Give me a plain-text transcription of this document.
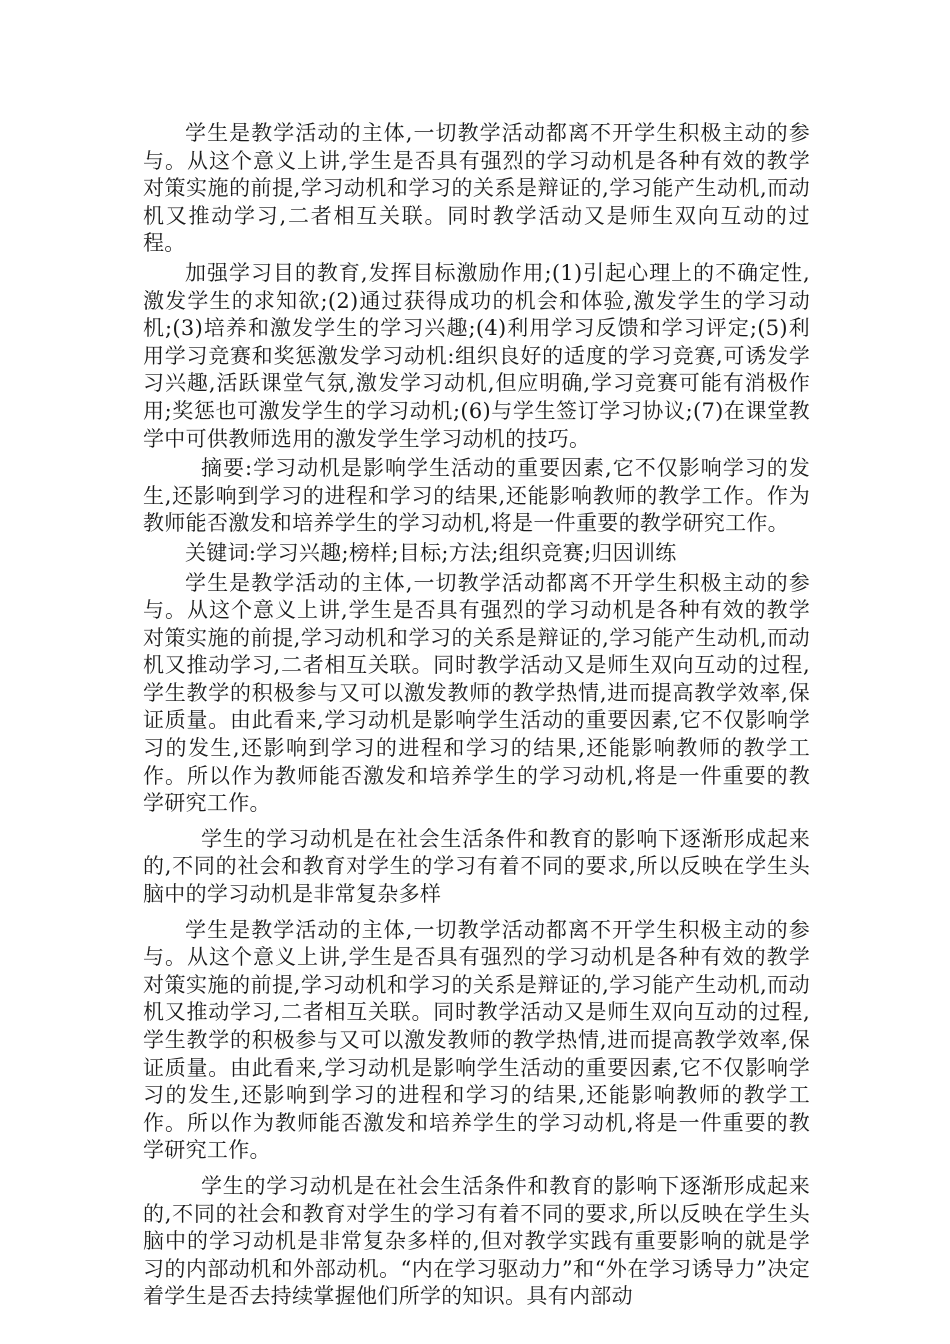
学生是教学活动的主体,一切教学活动都离不开学生积极主动的参与。从这个意义上讲,学生是否具有强烈的学习动机是各种有效的教学对策实施的前提,学习动机和学习的关系是辩证的,学习能产生动机,而动机又推动学习,二者相互关联。同时教学活动又是师生双向互动的过程。

加强学习目的教育,发挥目标激励作用;(1)引起心理上的不确定性,激发学生的求知欲;(2)通过获得成功的机会和体验,激发学生的学习动机;(3)培养和激发学生的学习兴趣;(4)利用学习反馈和学习评定;(5)利用学习竞赛和奖惩激发学习动机:组织良好的适度的学习竞赛,可诱发学习兴趣,活跃课堂气氛,激发学习动机,但应明确,学习竞赛可能有消极作用;奖惩也可激发学生的学习动机;(6)与学生签订学习协议;(7)在课堂教学中可供教师选用的激发学生学习动机的技巧。

摘要:学习动机是影响学生活动的重要因素,它不仅影响学习的发生,还影响到学习的进程和学习的结果,还能影响教师的教学工作。作为教师能否激发和培养学生的学习动机,将是一件重要的教学研究工作。

关键词:学习兴趣;榜样;目标;方法;组织竞赛;归因训练

学生是教学活动的主体,一切教学活动都离不开学生积极主动的参与。从这个意义上讲,学生是否具有强烈的学习动机是各种有效的教学对策实施的前提,学习动机和学习的关系是辩证的,学习能产生动机,而动机又推动学习,二者相互关联。同时教学活动又是师生双向互动的过程,学生教学的积极参与又可以激发教师的教学热情,进而提高教学效率,保证质量。由此看来,学习动机是影响学生活动的重要因素,它不仅影响学习的发生,还影响到学习的进程和学习的结果,还能影响教师的教学工作。所以作为教师能否激发和培养学生的学习动机,将是一件重要的教学研究工作。

学生的学习动机是在社会生活条件和教育的影响下逐渐形成起来的,不同的社会和教育对学生的学习有着不同的要求,所以反映在学生头脑中的学习动机是非常复杂多样

学生是教学活动的主体,一切教学活动都离不开学生积极主动的参与。从这个意义上讲,学生是否具有强烈的学习动机是各种有效的教学对策实施的前提,学习动机和学习的关系是辩证的,学习能产生动机,而动机又推动学习,二者相互关联。同时教学活动又是师生双向互动的过程,学生教学的积极参与又可以激发教师的教学热情,进而提高教学效率,保证质量。由此看来,学习动机是影响学生活动的重要因素,它不仅影响学习的发生,还影响到学习的进程和学习的结果,还能影响教师的教学工作。所以作为教师能否激发和培养学生的学习动机,将是一件重要的教学研究工作。

学生的学习动机是在社会生活条件和教育的影响下逐渐形成起来的,不同的社会和教育对学生的学习有着不同的要求,所以反映在学生头脑中的学习动机是非常复杂多样的,但对教学实践有重要影响的就是学习的内部动机和外部动机。“内在学习驱动力”和“外在学习诱导力”决定着学生是否去持续掌握他们所学的知识。具有内部动
